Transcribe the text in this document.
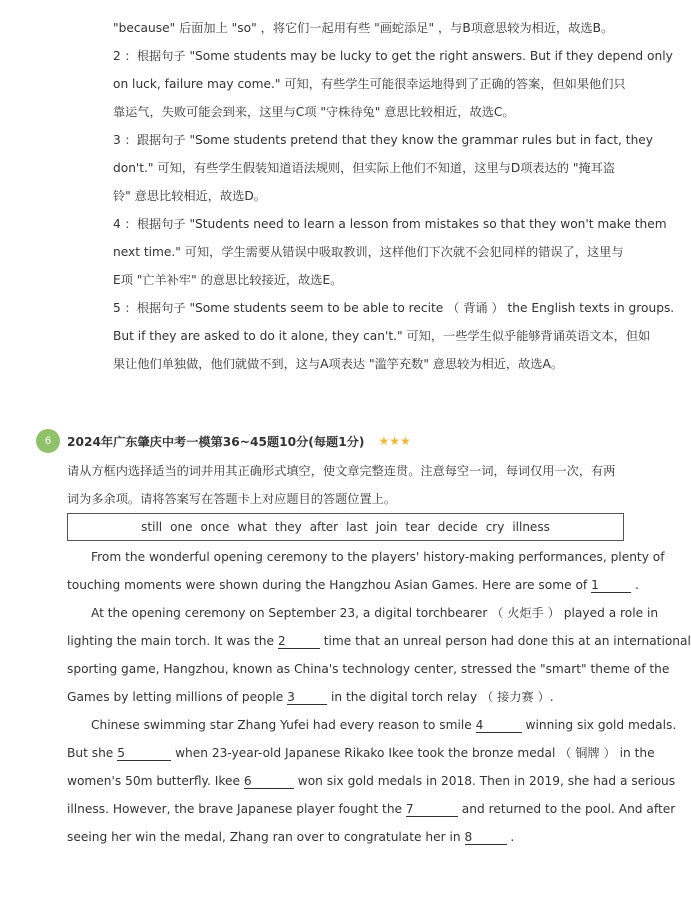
"because" 后面加上 "so" ，将它们一起用有些 "画蛇添足" ，与B项意思较为相近，故选B。

2 ：根据句子 "Some students may be lucky to get the right answers. But if they depend only

on luck, failure may come." 可知，有些学生可能很幸运地得到了正确的答案，但如果他们只

靠运气，失败可能会到来，这里与C项 "守株待兔" 意思比较相近，故选C。

3 ：跟据句子 "Some students pretend that they know the grammar rules but in fact, they

don't." 可知，有些学生假装知道语法规则，但实际上他们不知道，这里与D项表达的 "掩耳盗

铃" 意思比较相近，故选D。

4 ：根据句子 "Students need to learn a lesson from mistakes so that they won't make them

next time." 可知，学生需要从错误中吸取教训，这样他们下次就不会犯同样的错误了，这里与

E项 "亡羊补牢" 的意思比较接近，故选E。

5 ：根据句子 "Some students seem to be able to recite （ 背诵 ） the English texts in groups.

But if they are asked to do it alone, they can't." 可知，一些学生似乎能够背诵英语文本，但如

果让他们单独做，他们就做不到，这与A项表达 "滥竽充数" 意思较为相近，故选A。

6	2024年广东肇庆中考一模第36~45题10分(每题1分) ★★★

请从方框内选择适当的词并用其正确形式填空，使文章完整连贯。注意每空一词，每词仅用一次，有两

词为多余项。请将答案写在答题卡上对应题目的答题位置上。

still one once what they after last join tear decide cry illness

From the wonderful opening ceremony to the players' history-making performances, plenty of

touching moments were shown during the Hangzhou Asian Games. Here are some of 1	.

At the opening ceremony on September 23, a digital torchbearer （ 火炬手 ） played a role in

lighting the main torch. It was the 2	time that an unreal person had done this at an international

sporting game, Hangzhou, known as China's technology center, stressed the "smart" theme of the

Games by letting millions of people 3	in the digital torch relay （ 接力赛 ）.

Chinese swimming star Zhang Yufei had every reason to smile 4	winning six gold medals.

But she 5	when 23-year-old Japanese Rikako Ikee took the bronze medal （ 铜牌 ） in the

women's 50m butterfly. Ikee 6	won six gold medals in 2018. Then in 2019, she had a serious

illness. However, the brave Japanese player fought the 7	and returned to the pool. And after

seeing her win the medal, Zhang ran over to congratulate her in 8	.
